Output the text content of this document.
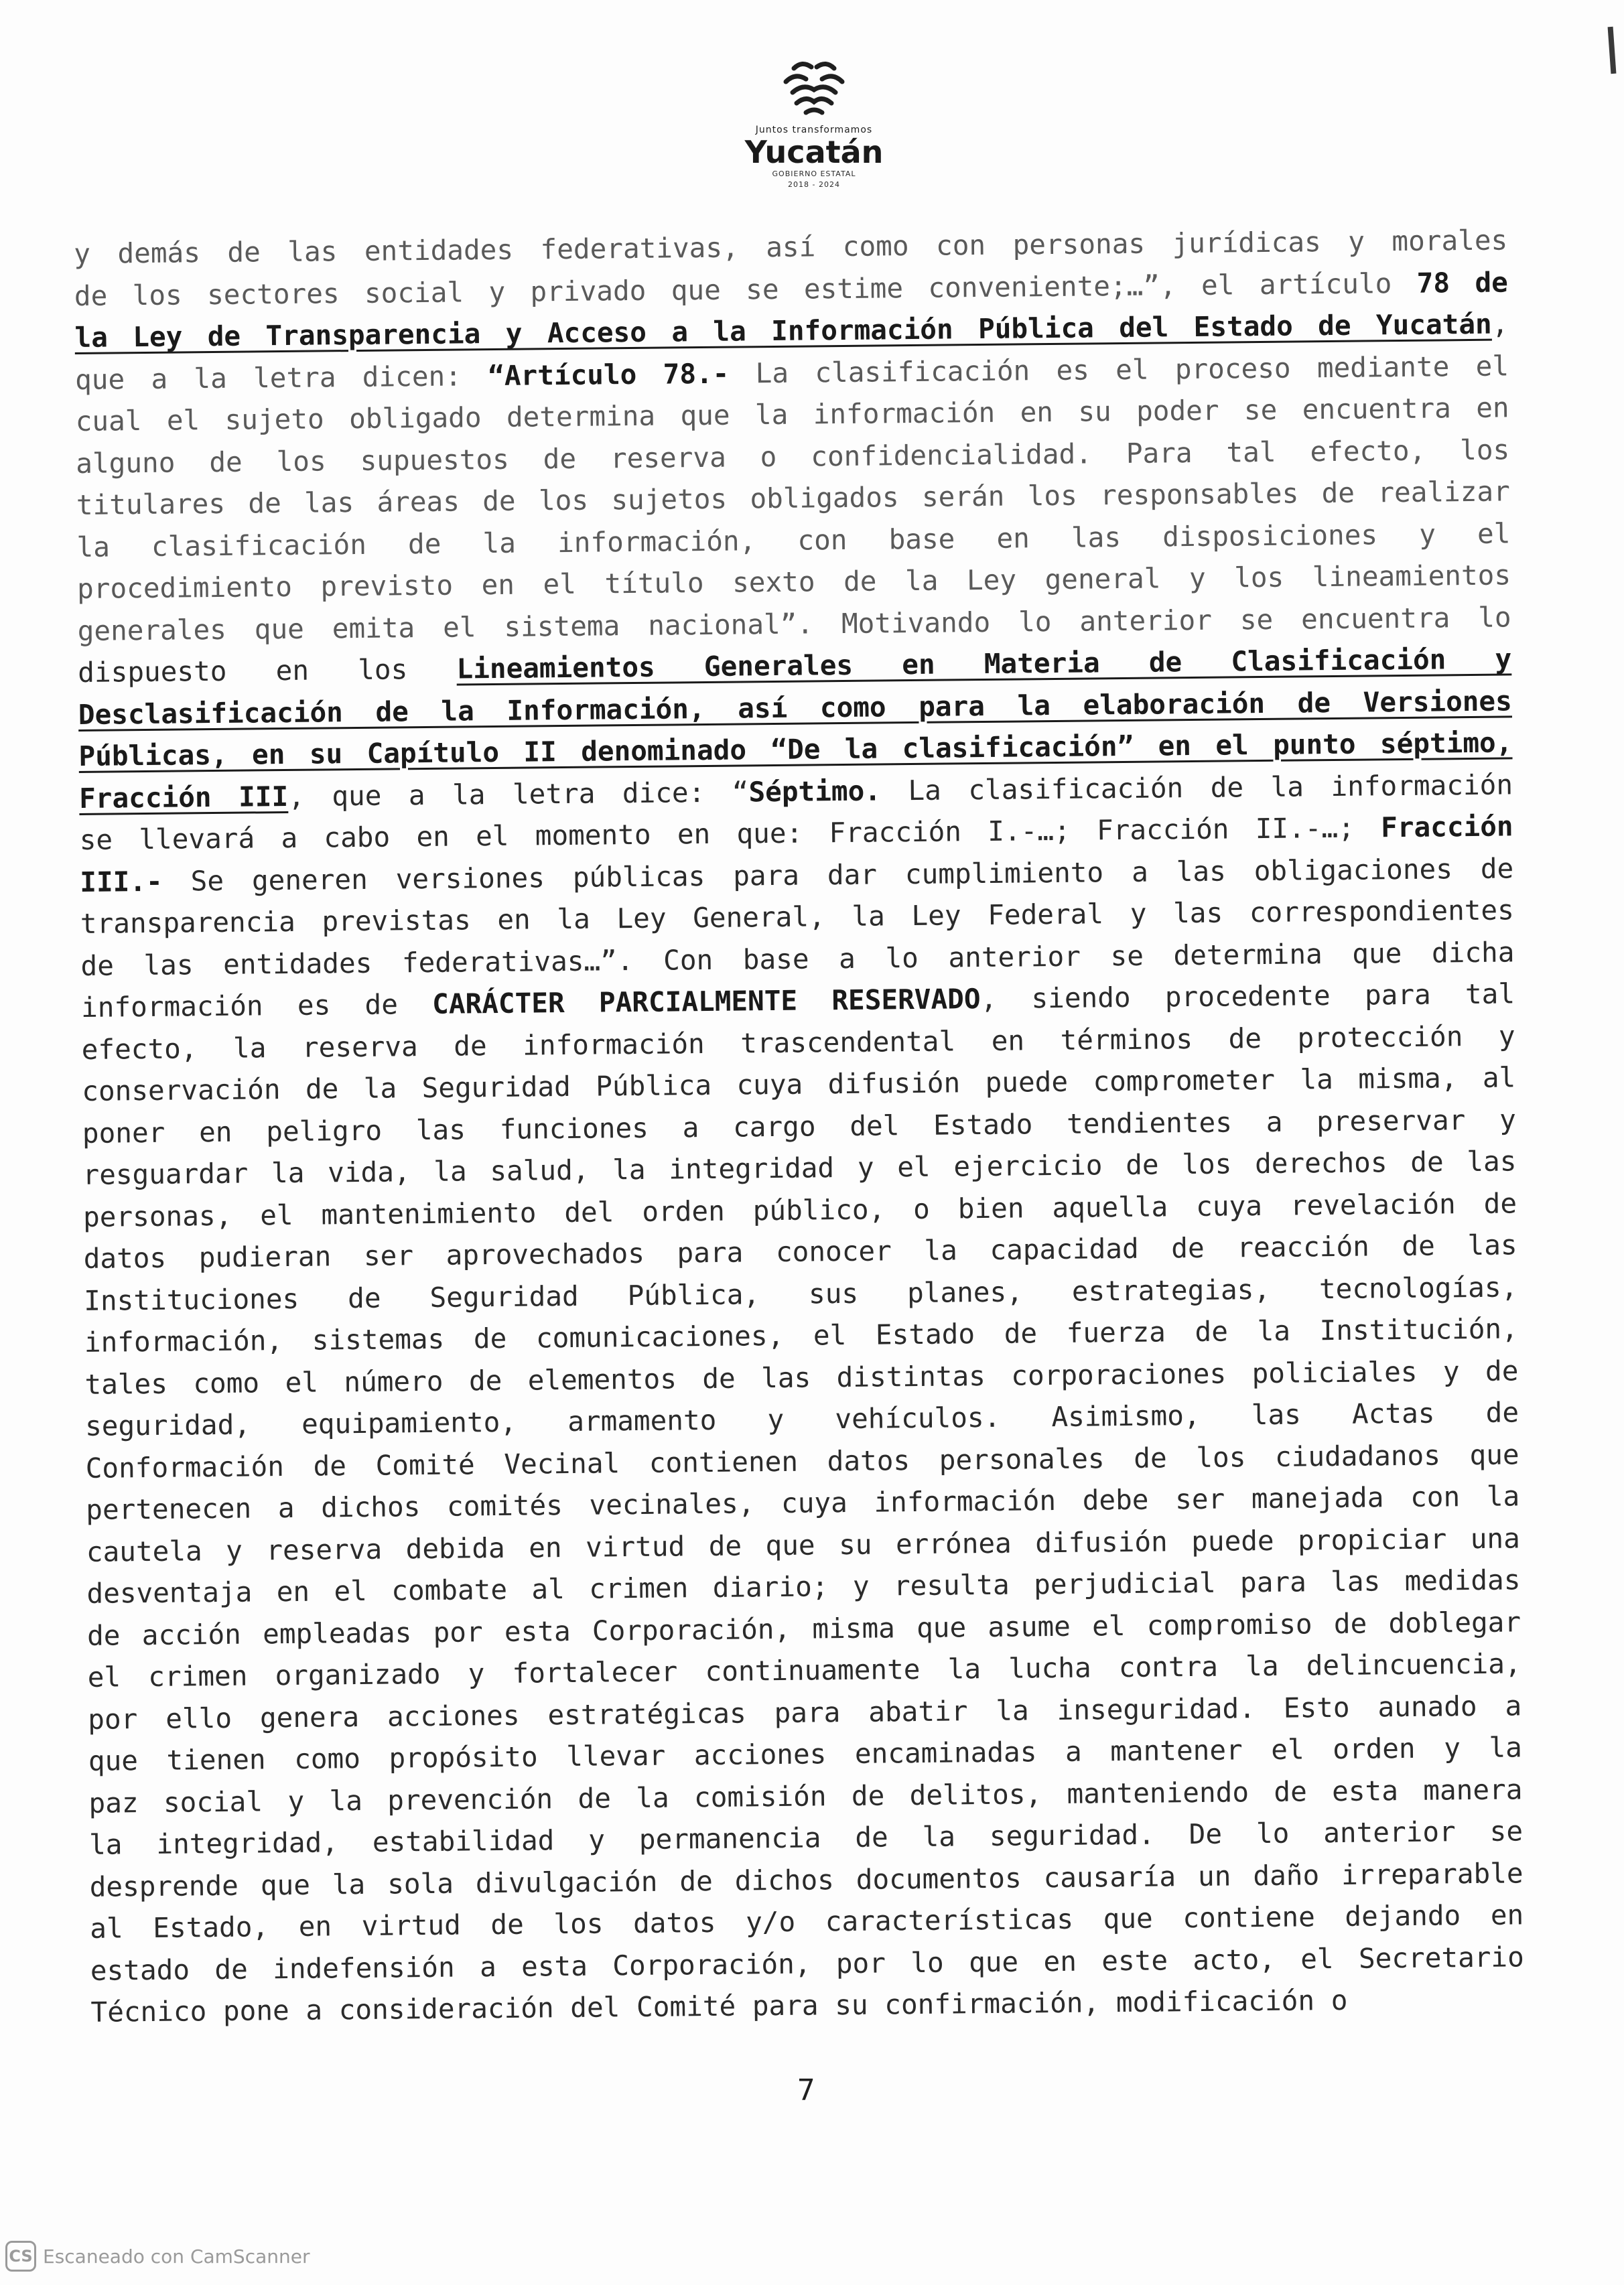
Juntos transformamos
Yucatán
GOBIERNO ESTATAL
2018 - 2024
y demás de las entidades federativas, así como con personas jurídicas y morales
de los sectores social y privado que se estime conveniente;…”, el artículo 78 de
la Ley de Transparencia y Acceso a la Información Pública del Estado de Yucatán,
que a la letra dicen: “Artículo 78.- La clasificación es el proceso mediante el
cual el sujeto obligado determina que la información en su poder se encuentra en
alguno de los supuestos de reserva o confidencialidad. Para tal efecto, los
titulares de las áreas de los sujetos obligados serán los responsables de realizar
la clasificación de la información, con base en las disposiciones y el
procedimiento previsto en el título sexto de la Ley general y los lineamientos
generales que emita el sistema nacional”. Motivando lo anterior se encuentra lo
dispuesto en los Lineamientos Generales en Materia de Clasificación y
Desclasificación de la Información, así como para la elaboración de Versiones
Públicas, en su Capítulo II denominado “De la clasificación” en el punto séptimo,
Fracción III, que a la letra dice: “Séptimo. La clasificación de la información
se llevará a cabo en el momento en que: Fracción I.-…; Fracción II.-…; Fracción
III.- Se generen versiones públicas para dar cumplimiento a las obligaciones de
transparencia previstas en la Ley General, la Ley Federal y las correspondientes
de las entidades federativas…”. Con base a lo anterior se determina que dicha
información es de CARÁCTER PARCIALMENTE RESERVADO, siendo procedente para tal
efecto, la reserva de información trascendental en términos de protección y
conservación de la Seguridad Pública cuya difusión puede comprometer la misma, al
poner en peligro las funciones a cargo del Estado tendientes a preservar y
resguardar la vida, la salud, la integridad y el ejercicio de los derechos de las
personas, el mantenimiento del orden público, o bien aquella cuya revelación de
datos pudieran ser aprovechados para conocer la capacidad de reacción de las
Instituciones de Seguridad Pública, sus planes, estrategias, tecnologías,
información, sistemas de comunicaciones, el Estado de fuerza de la Institución,
tales como el número de elementos de las distintas corporaciones policiales y de
seguridad, equipamiento, armamento y vehículos. Asimismo, las Actas de
Conformación de Comité Vecinal contienen datos personales de los ciudadanos que
pertenecen a dichos comités vecinales, cuya información debe ser manejada con la
cautela y reserva debida en virtud de que su errónea difusión puede propiciar una
desventaja en el combate al crimen diario; y resulta perjudicial para las medidas
de acción empleadas por esta Corporación, misma que asume el compromiso de doblegar
el crimen organizado y fortalecer continuamente la lucha contra la delincuencia,
por ello genera acciones estratégicas para abatir la inseguridad. Esto aunado a
que tienen como propósito llevar acciones encaminadas a mantener el orden y la
paz social y la prevención de la comisión de delitos, manteniendo de esta manera
la integridad, estabilidad y permanencia de la seguridad. De lo anterior se
desprende que la sola divulgación de dichos documentos causaría un daño irreparable
al Estado, en virtud de los datos y/o características que contiene dejando en
estado de indefensión a esta Corporación, por lo que en este acto, el Secretario
Técnico pone a consideración del Comité para su confirmación, modificación o
7
CS Escaneado con CamScanner
